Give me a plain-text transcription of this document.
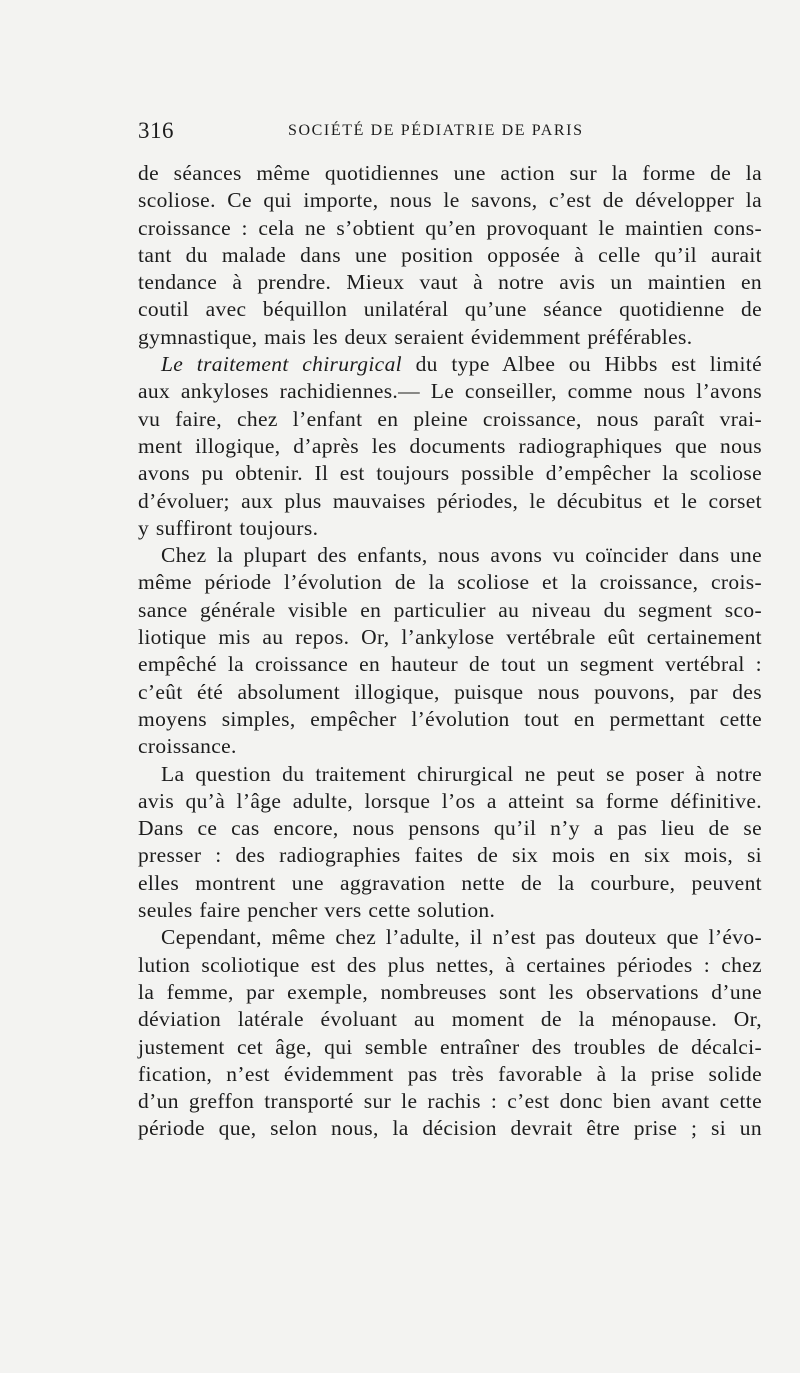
316	SOCIÉTÉ DE PÉDIATRIE DE PARIS
de séances même quotidiennes une action sur la forme de la
scoliose. Ce qui importe, nous le savons, c’est de développer la
croissance : cela ne s’obtient qu’en provoquant le maintien cons-
tant du malade dans une position opposée à celle qu’il aurait
tendance à prendre. Mieux vaut à notre avis un maintien en
coutil avec béquillon unilatéral qu’une séance quotidienne de
gymnastique, mais les deux seraient évidemment préférables.
Le traitement chirurgical du type Albee ou Hibbs est limité
aux ankyloses rachidiennes.— Le conseiller, comme nous l’avons
vu faire, chez l’enfant en pleine croissance, nous paraît vrai-
ment illogique, d’après les documents radiographiques que nous
avons pu obtenir. Il est toujours possible d’empêcher la scoliose
d’évoluer; aux plus mauvaises périodes, le décubitus et le corset
y suffiront toujours.
Chez la plupart des enfants, nous avons vu coïncider dans une
même période l’évolution de la scoliose et la croissance, crois-
sance générale visible en particulier au niveau du segment sco-
liotique mis au repos. Or, l’ankylose vertébrale eût certainement
empêché la croissance en hauteur de tout un segment vertébral :
c’eût été absolument illogique, puisque nous pouvons, par des
moyens simples, empêcher l’évolution tout en permettant cette
croissance.
La question du traitement chirurgical ne peut se poser à notre
avis qu’à l’âge adulte, lorsque l’os a atteint sa forme définitive.
Dans ce cas encore, nous pensons qu’il n’y a pas lieu de se
presser : des radiographies faites de six mois en six mois, si
elles montrent une aggravation nette de la courbure, peuvent
seules faire pencher vers cette solution.
Cependant, même chez l’adulte, il n’est pas douteux que l’évo-
lution scoliotique est des plus nettes, à certaines périodes : chez
la femme, par exemple, nombreuses sont les observations d’une
déviation latérale évoluant au moment de la ménopause. Or,
justement cet âge, qui semble entraîner des troubles de décalci-
fication, n’est évidemment pas très favorable à la prise solide
d’un greffon transporté sur le rachis : c’est donc bien avant cette
période que, selon nous, la décision devrait être prise ; si un
